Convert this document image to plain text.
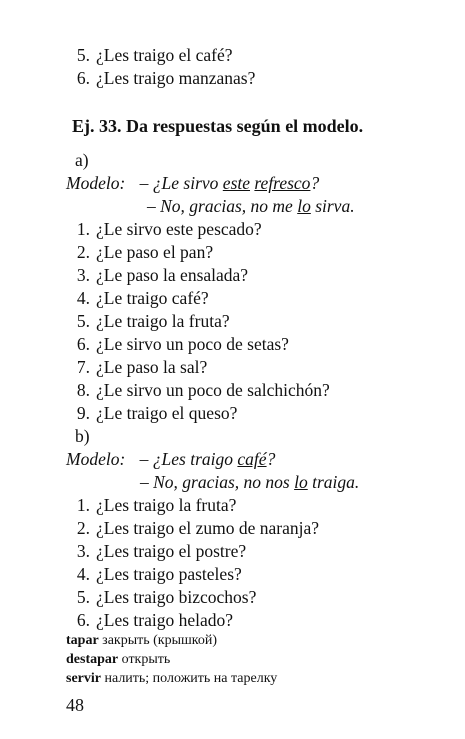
5. ¿Les traigo el café?
6. ¿Les traigo manzanas?
Ej. 33. Da respuestas según el modelo.
a)
Modelo: – ¿Le sirvo este refresco?
– No, gracias, no me lo sirva.
1. ¿Le sirvo este pescado?
2. ¿Le paso el pan?
3. ¿Le paso la ensalada?
4. ¿Le traigo café?
5. ¿Le traigo la fruta?
6. ¿Le sirvo un poco de setas?
7. ¿Le paso la sal?
8. ¿Le sirvo un poco de salchichón?
9. ¿Le traigo el queso?
b)
Modelo: – ¿Les traigo café?
– No, gracias, no nos lo traiga.
1. ¿Les traigo la fruta?
2. ¿Les traigo el zumo de naranja?
3. ¿Les traigo el postre?
4. ¿Les traigo pasteles?
5. ¿Les traigo bizcochos?
6. ¿Les traigo helado?
tapar закрыть (крышкой)
destapar открыть
servir налить; положить на тарелку
48
